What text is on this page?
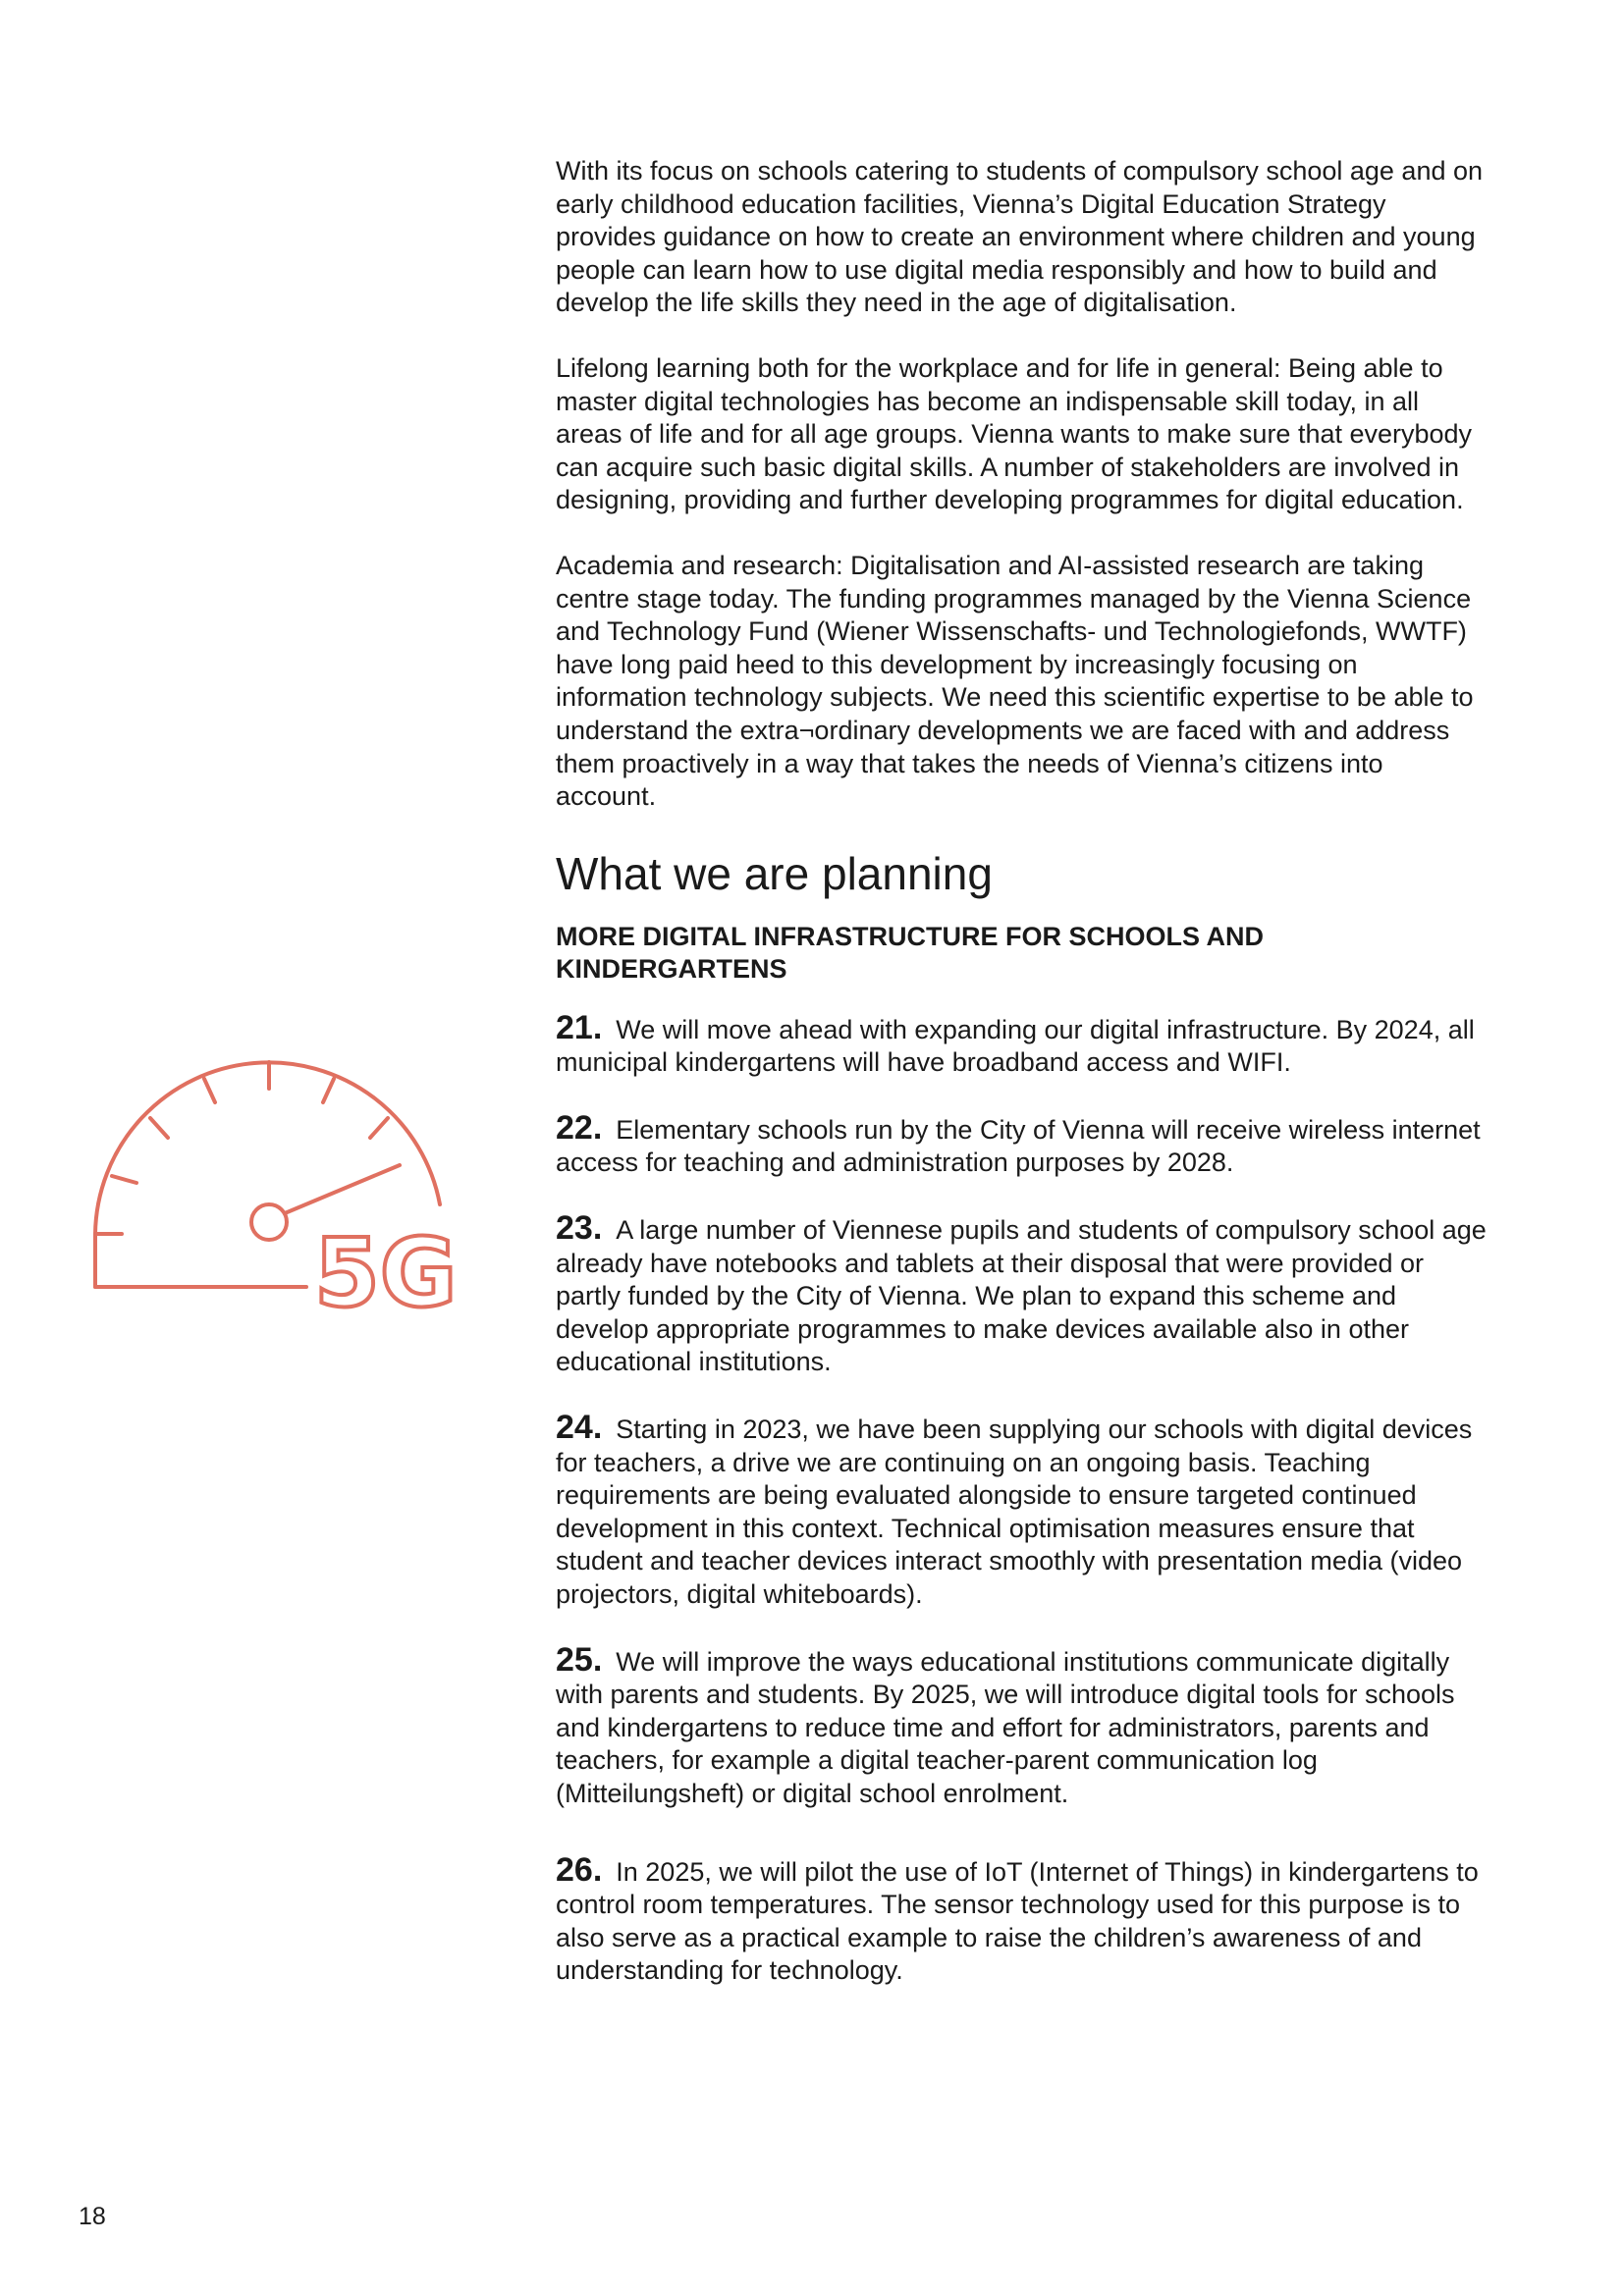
With its focus on schools catering to students of compulsory school age and on early childhood education facilities, Vienna’s Digital Education Strategy provides guidance on how to create an environment where children and young people can learn how to use digital media responsibly and how to build and develop the life skills they need in the age of digitalisation.

Lifelong learning both for the workplace and for life in general: Being able to master digital technologies has become an indispensable skill today, in all areas of life and for all age groups. Vienna wants to make sure that everybody can acquire such basic digital skills. A number of stakeholders are involved in designing, providing and further developing programmes for digital education.

Academia and research: Digitalisation and AI-assisted research are taking centre stage today. The funding programmes managed by the Vienna Science and Technology Fund (Wiener Wissenschafts- und Technologiefonds, WWTF) have long paid heed to this development by increasingly focusing on information technology subjects. We need this scientific expertise to be able to understand the extra¬ordinary developments we are faced with and address them proactively in a way that takes the needs of Vienna’s citizens into account.

What we are planning
MORE DIGITAL INFRASTRUCTURE FOR SCHOOLS AND KINDERGARTENS

21. We will move ahead with expanding our digital infrastructure. By 2024, all municipal kindergartens will have broadband access and WIFI.

22. Elementary schools run by the City of Vienna will receive wireless internet access for teaching and administration purposes by 2028.

23. A large number of Viennese pupils and students of compulsory school age already have notebooks and tablets at their disposal that were provided or partly funded by the City of Vienna. We plan to expand this scheme and develop appropriate programmes to make devices available also in other educational institutions.

24. Starting in 2023, we have been supplying our schools with digital devices for teachers, a drive we are continuing on an ongoing basis. Teaching requirements are being evaluated alongside to ensure targeted continued development in this context. Technical optimisation measures ensure that student and teacher devices interact smoothly with presentation media (video projectors, digital whiteboards).

25. We will improve the ways educational institutions communicate digitally with parents and students. By 2025, we will introduce digital tools for schools and kindergartens to reduce time and effort for administrators, parents and teachers, for example a digital teacher-parent communication log (Mitteilungsheft) or digital school enrolment.

26. In 2025, we will pilot the use of IoT (Internet of Things) in kindergartens to control room temperatures. The sensor technology used for this purpose is to also serve as a practical example to raise the children’s awareness of and understanding for technology.

5G
18
